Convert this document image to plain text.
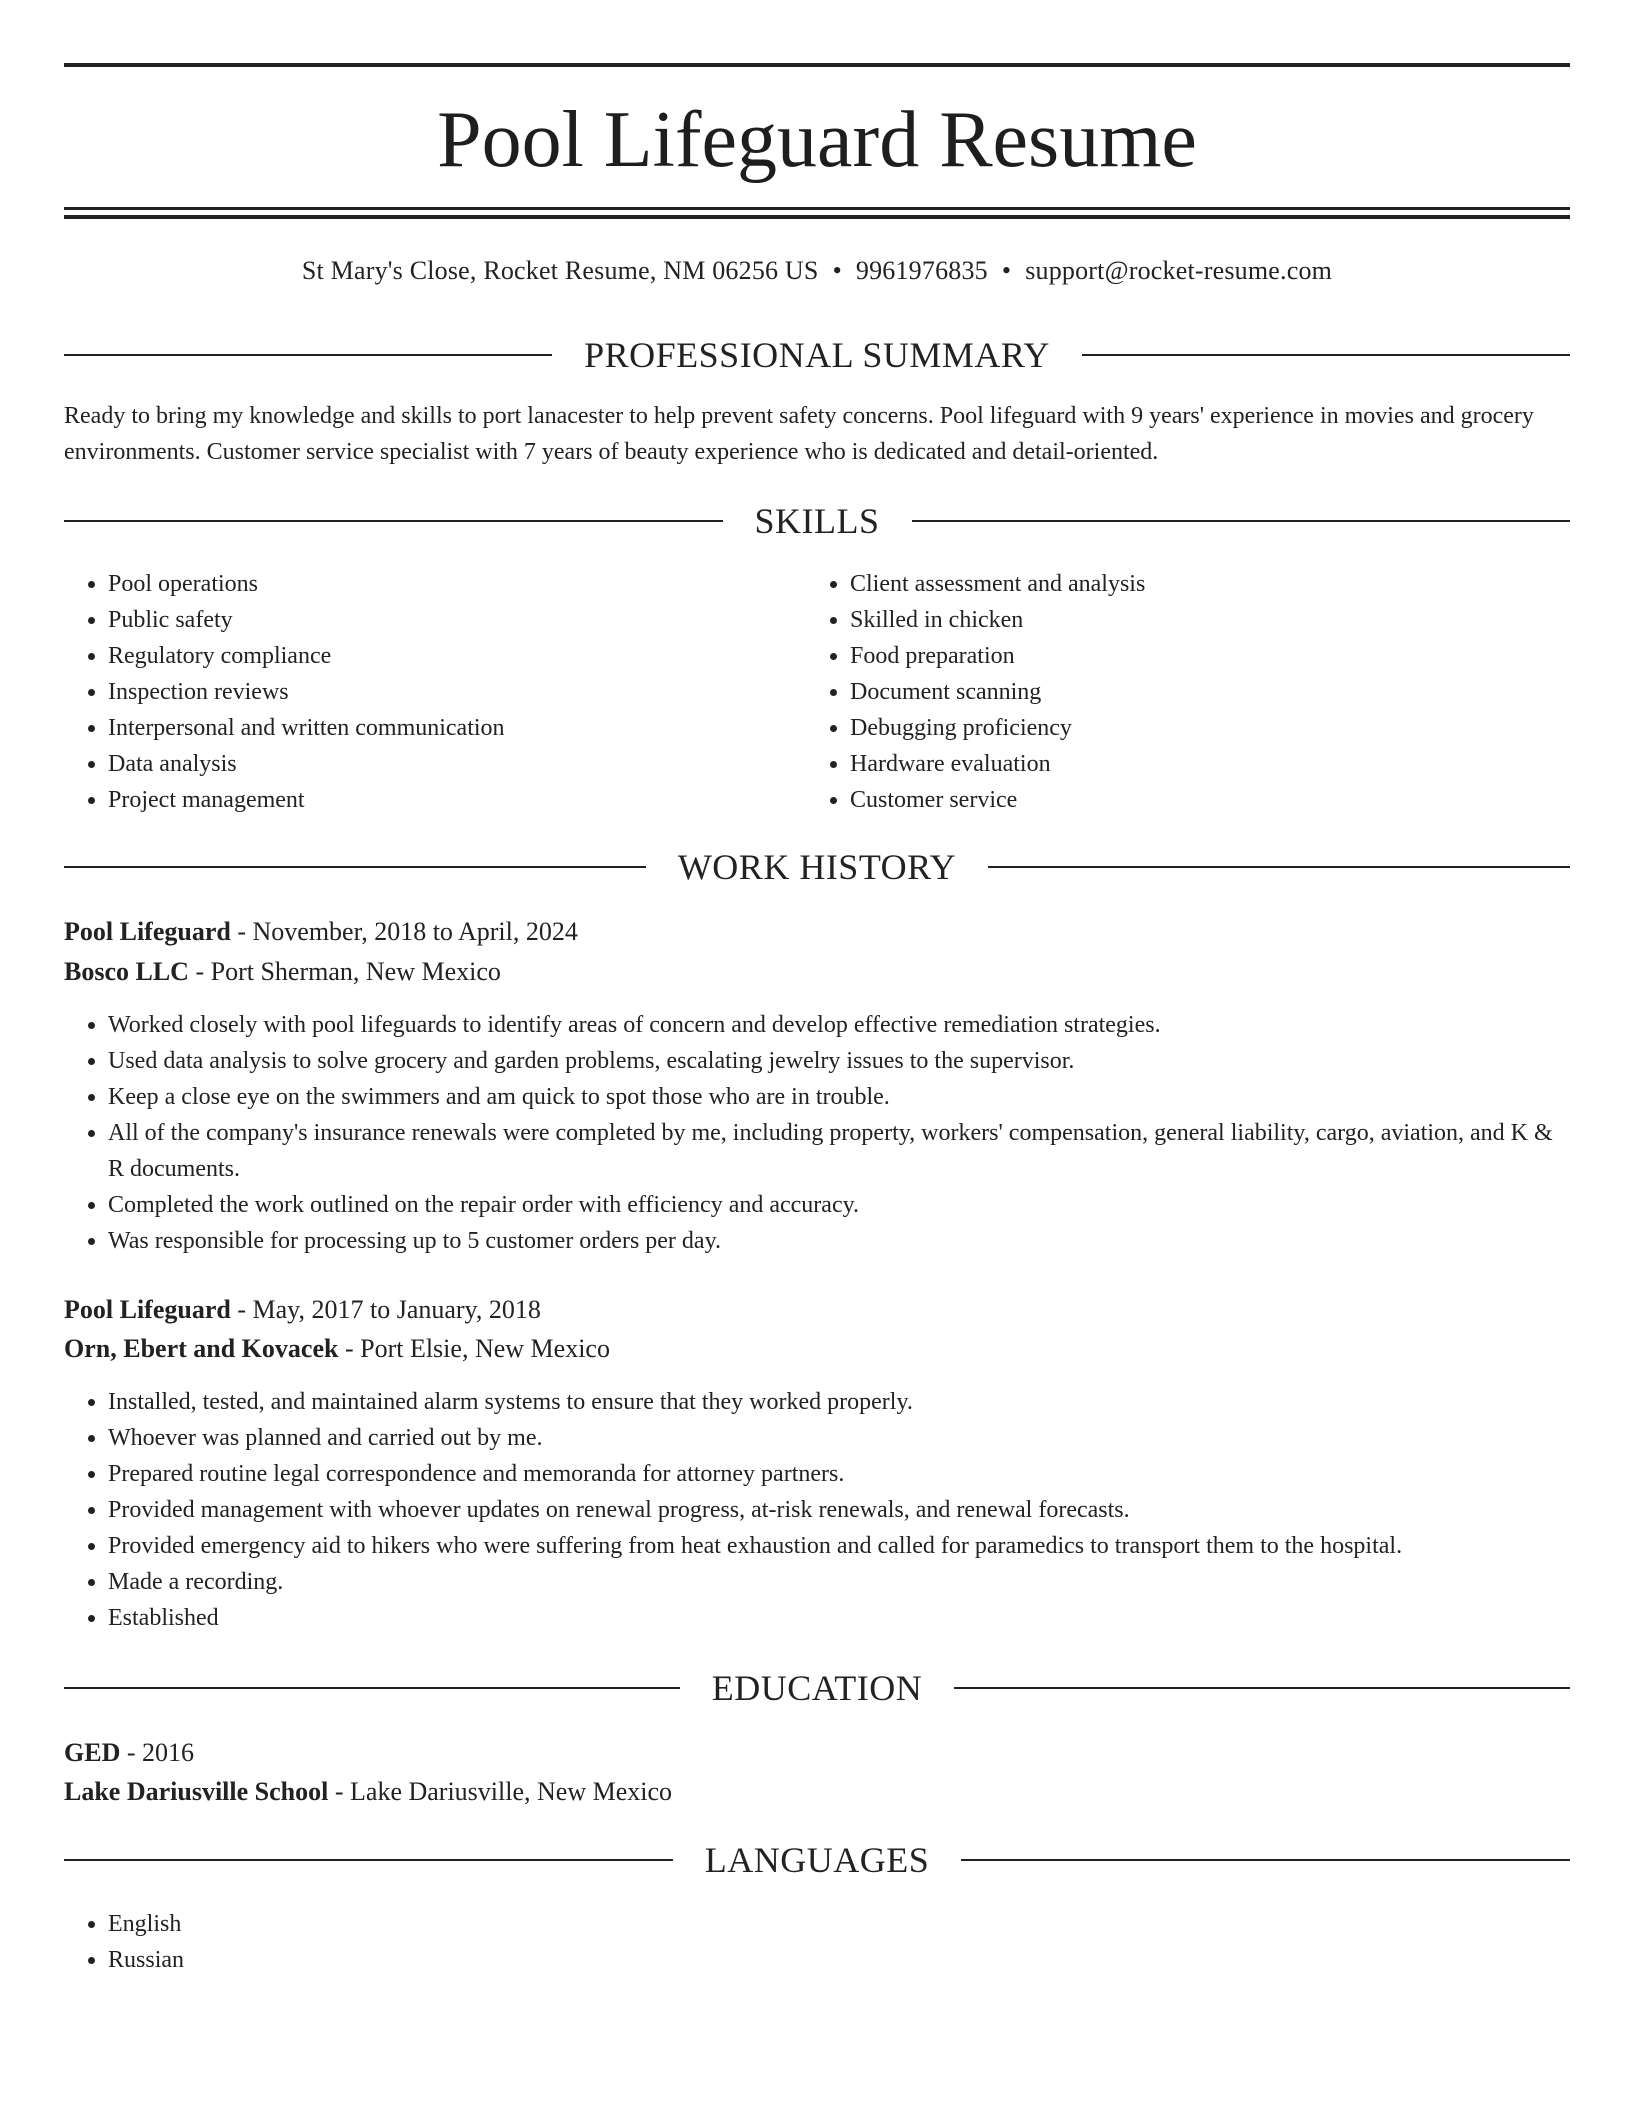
Pool Lifeguard Resume
St Mary's Close, Rocket Resume, NM 06256 US • 9961976835 • support@rocket-resume.com
PROFESSIONAL SUMMARY

Ready to bring my knowledge and skills to port lanacester to help prevent safety concerns. Pool lifeguard with 9 years' experience in movies and grocery environments. Customer service specialist with 7 years of beauty experience who is dedicated and detail-oriented.

SKILLS
• Pool operations
• Public safety
• Regulatory compliance
• Inspection reviews
• Interpersonal and written communication
• Data analysis
• Project management
• Client assessment and analysis
• Skilled in chicken
• Food preparation
• Document scanning
• Debugging proficiency
• Hardware evaluation
• Customer service
WORK HISTORY
Pool Lifeguard - November, 2018 to April, 2024
Bosco LLC - Port Sherman, New Mexico
• Worked closely with pool lifeguards to identify areas of concern and develop effective remediation strategies.
• Used data analysis to solve grocery and garden problems, escalating jewelry issues to the supervisor.
• Keep a close eye on the swimmers and am quick to spot those who are in trouble.
• All of the company's insurance renewals were completed by me, including property, workers' compensation, general liability, cargo, aviation, and K & R documents.
• Completed the work outlined on the repair order with efficiency and accuracy.
• Was responsible for processing up to 5 customer orders per day.
Pool Lifeguard - May, 2017 to January, 2018
Orn, Ebert and Kovacek - Port Elsie, New Mexico
• Installed, tested, and maintained alarm systems to ensure that they worked properly.
• Whoever was planned and carried out by me.
• Prepared routine legal correspondence and memoranda for attorney partners.
• Provided management with whoever updates on renewal progress, at-risk renewals, and renewal forecasts.
• Provided emergency aid to hikers who were suffering from heat exhaustion and called for paramedics to transport them to the hospital.
• Made a recording.
• Established
EDUCATION
GED - 2016
Lake Dariusville School - Lake Dariusville, New Mexico
LANGUAGES
• English
• Russian
